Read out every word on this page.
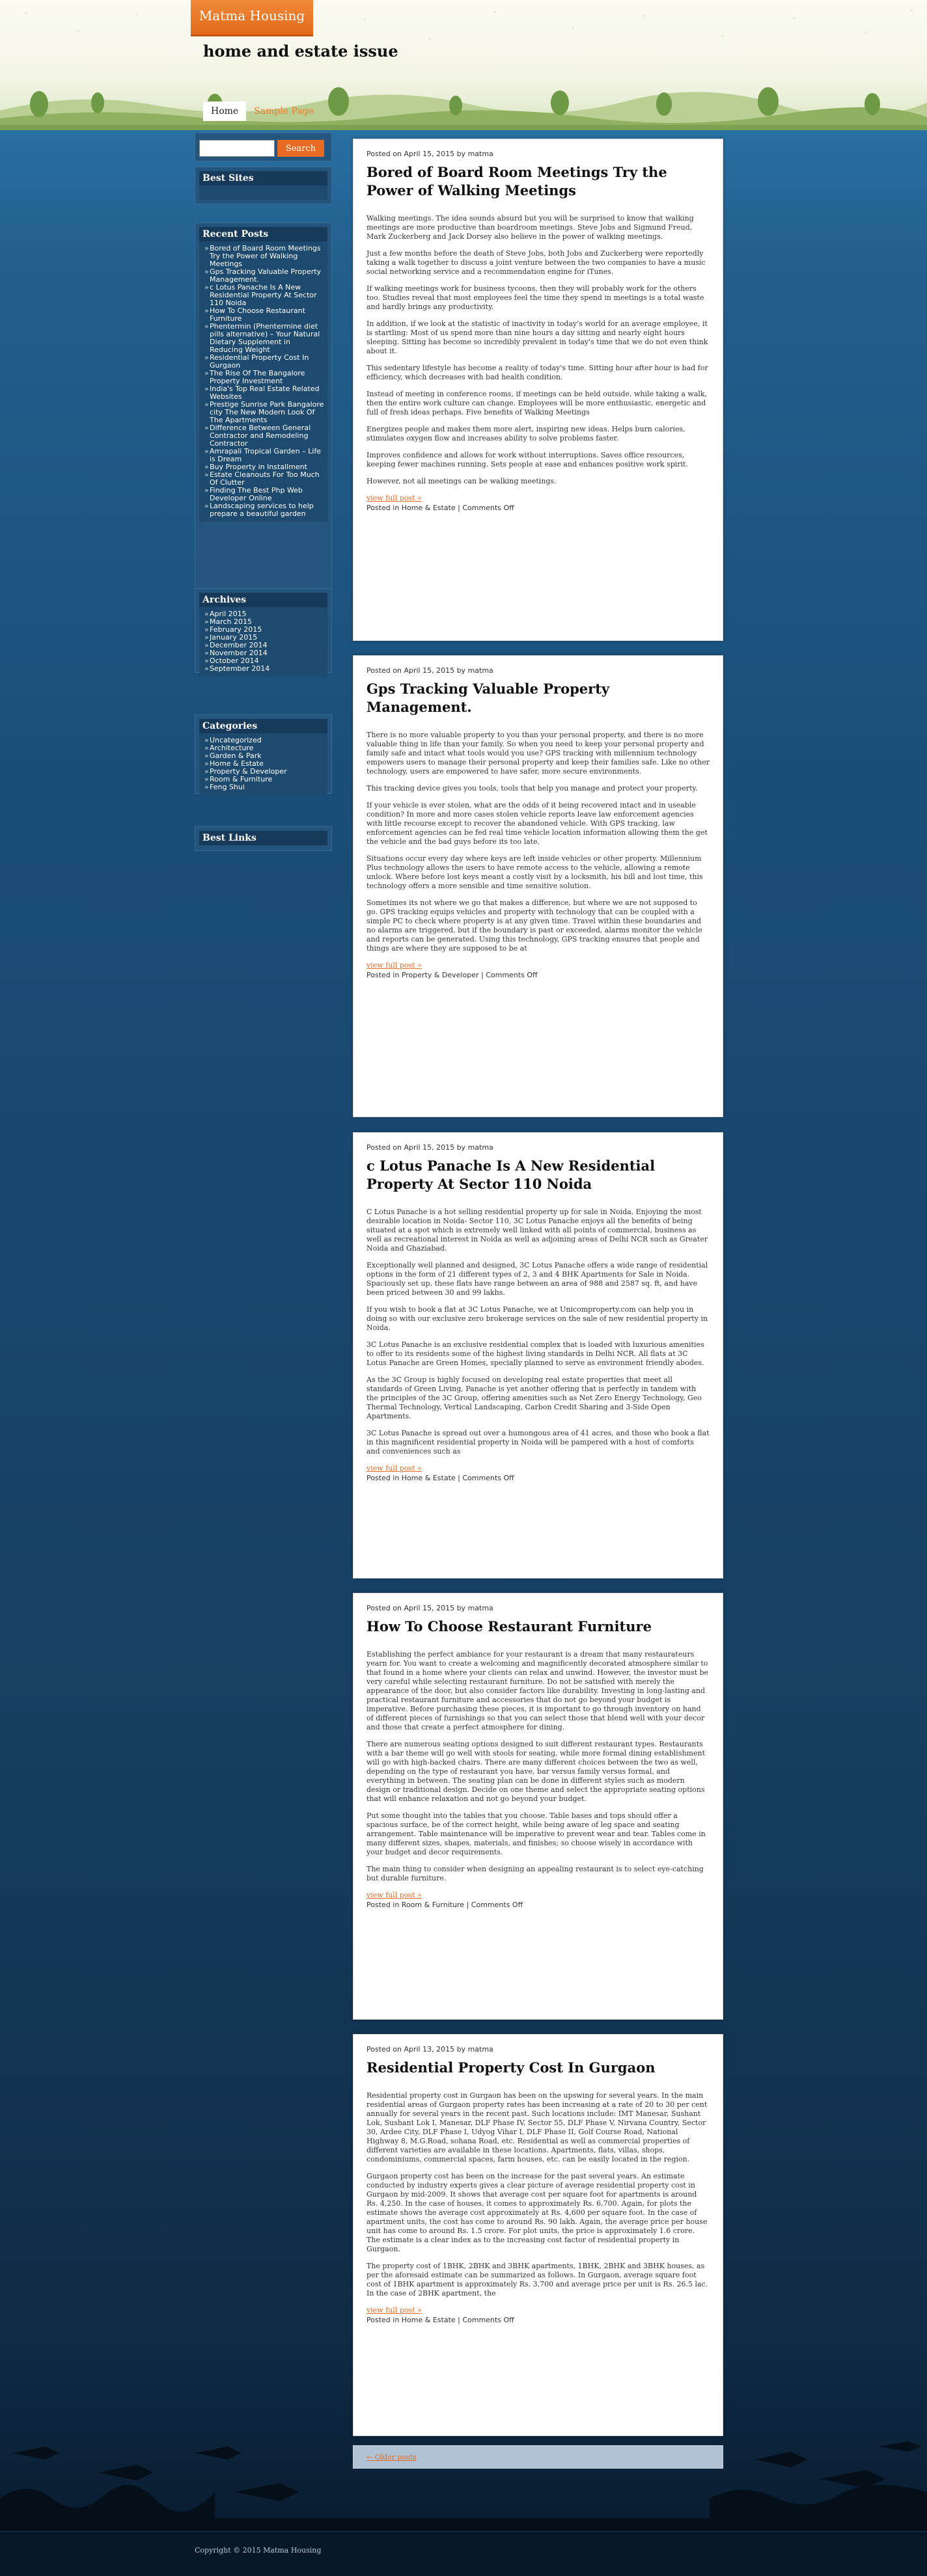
Matma Housing
home and estate issue
Home	Sample Page
Search
Best Sites
Recent Posts
» Bored of Board Room Meetings Try the Power of Walking Meetings
» Gps Tracking Valuable Property Management.
» c Lotus Panache Is A New Residential Property At Sector 110 Noida
» How To Choose Restaurant Furniture
» Phentermin (Phentermine diet pills alternative) – Your Natural Dietary Supplement in Reducing Weight
» Residential Property Cost In Gurgaon
» The Rise Of The Bangalore Property Investment
» India's Top Real Estate Related Websites
» Prestige Sunrise Park Bangalore city The New Modern Look Of The Apartments
» Difference Between General Contractor and Remodeling Contractor
» Amrapali Tropical Garden – Life is Dream
» Buy Property in Installment
» Estate Cleanouts For Too Much Of Clutter
» Finding The Best Php Web Developer Online
» Landscaping services to help prepare a beautiful garden
Archives
» April 2015
» March 2015
» February 2015
» January 2015
» December 2014
» November 2014
» October 2014
» September 2014
Categories
» Uncategorized
» Architecture
» Garden & Park
» Home & Estate
» Property & Developer
» Room & Furniture
» Feng Shui
Best Links
Posted on April 15, 2015 by matma
Bored of Board Room Meetings Try the Power of Walking Meetings

Walking meetings. The idea sounds absurd but you will be surprised to know that walking meetings are more productive than boardroom meetings. Steve Jobs and Sigmund Freud, Mark Zuckerberg and Jack Dorsey also believe in the power of walking meetings.

Just a few months before the death of Steve Jobs, both Jobs and Zuckerberg were reportedly taking a walk together to discuss a joint venture between the two companies to have a music social networking service and a recommendation engine for iTunes.

If walking meetings work for business tycoons, then they will probably work for the others too. Studies reveal that most employees feel the time they spend in meetings is a total waste and hardly brings any productivity.

In addition, if we look at the statistic of inactivity in today's world for an average employee, it is startling: Most of us spend more than nine hours a day sitting and nearly eight hours sleeping. Sitting has become so incredibly prevalent in today's time that we do not even think about it.

This sedentary lifestyle has become a reality of today's time. Sitting hour after hour is bad for efficiency, which decreases with bad health condition.

Instead of meeting in conference rooms, if meetings can be held outside, while taking a walk, then the entire work culture can change. Employees will be more enthusiastic, energetic and full of fresh ideas perhaps. Five benefits of Walking Meetings

Energizes people and makes them more alert, inspiring new ideas. Helps burn calories, stimulates oxygen flow and increases ability to solve problems faster.

Improves confidence and allows for work without interruptions. Saves office resources, keeping fewer machines running. Sets people at ease and enhances positive work spirit.

However, not all meetings can be walking meetings.

view full post »
Posted in Home & Estate | Comments Off
Posted on April 15, 2015 by matma
Gps Tracking Valuable Property Management.

There is no more valuable property to you than your personal property, and there is no more valuable thing in life than your family. So when you need to keep your personal property and family safe and intact what tools would you use? GPS tracking with millennium technology empowers users to manage their personal property and keep their families safe. Like no other technology, users are empowered to have safer, more secure environments.

This tracking device gives you tools, tools that help you manage and protect your property.

If your vehicle is ever stolen, what are the odds of it being recovered intact and in useable condition? In more and more cases stolen vehicle reports leave law enforcement agencies with little recourse except to recover the abandoned vehicle. With GPS tracking, law enforcement agencies can be fed real time vehicle location information allowing them the get the vehicle and the bad guys before its too late.

Situations occur every day where keys are left inside vehicles or other property. Millennium Plus technology allows the users to have remote access to the vehicle, allowing a remote unlock. Where before lost keys meant a costly visit by a locksmith, his bill and lost time, this technology offers a more sensible and time sensitive solution.

Sometimes its not where we go that makes a difference, but where we are not supposed to go. GPS tracking equips vehicles and property with technology that can be coupled with a simple PC to check where property is at any given time. Travel within these boundaries and no alarms are triggered, but if the boundary is past or exceeded, alarms monitor the vehicle and reports can be generated. Using this technology, GPS tracking ensures that people and things are where they are supposed to be at

view full post »
Posted in Property & Developer | Comments Off
Posted on April 15, 2015 by matma
c Lotus Panache Is A New Residential Property At Sector 110 Noida

C Lotus Panache is a hot selling residential property up for sale in Noida. Enjoying the most desirable location in Noida- Sector 110, 3C Lotus Panache enjoys all the benefits of being situated at a spot which is extremely well linked with all points of commercial, business as well as recreational interest in Noida as well as adjoining areas of Delhi NCR such as Greater Noida and Ghaziabad.

Exceptionally well planned and designed, 3C Lotus Panache offers a wide range of residential options in the form of 21 different types of 2, 3 and 4 BHK Apartments for Sale in Noida. Spaciously set up, these flats have range between an area of 988 and 2587 sq. ft, and have been priced between 30 and 99 lakhs.

If you wish to book a flat at 3C Lotus Panache, we at Unicomproperty.com can help you in doing so with our exclusive zero brokerage services on the sale of new residential property in Noida.

3C Lotus Panache is an exclusive residential complex that is loaded with luxurious amenities to offer to its residents some of the highest living standards in Delhi NCR. All flats at 3C Lotus Panache are Green Homes, specially planned to serve as environment friendly abodes.

As the 3C Group is highly focused on developing real estate properties that meet all standards of Green Living, Panache is yet another offering that is perfectly in tandem with the principles of the 3C Group, offering amenities such as Net Zero Energy Technology, Geo Thermal Technology, Vertical Landscaping, Carbon Credit Sharing and 3-Side Open Apartments.

3C Lotus Panache is spread out over a humongous area of 41 acres, and those who book a flat in this magnificent residential property in Noida will be pampered with a host of comforts and conveniences such as

view full post »
Posted in Home & Estate | Comments Off
Posted on April 15, 2015 by matma
How To Choose Restaurant Furniture

Establishing the perfect ambiance for your restaurant is a dream that many restaurateurs yearn for. You want to create a welcoming and magnificently decorated atmosphere similar to that found in a home where your clients can relax and unwind. However, the investor must be very careful while selecting restaurant furniture. Do not be satisfied with merely the appearance of the door, but also consider factors like durability. Investing in long-lasting and practical restaurant furniture and accessories that do not go beyond your budget is imperative. Before purchasing these pieces, it is important to go through inventory on hand of different pieces of furnishings so that you can select those that blend well with your decor and those that create a perfect atmosphere for dining.

There are numerous seating options designed to suit different restaurant types. Restaurants with a bar theme will go well with stools for seating, while more formal dining establishment will go with high-backed chairs. There are many different choices between the two as well, depending on the type of restaurant you have, bar versus family versus formal, and everything in between. The seating plan can be done in different styles such as modern design or traditional design. Decide on one theme and select the appropriate seating options that will enhance relaxation and not go beyond your budget.

Put some thought into the tables that you choose. Table bases and tops should offer a spacious surface, be of the correct height, while being aware of leg space and seating arrangement. Table maintenance will be imperative to prevent wear and tear. Tables come in many different sizes, shapes, materials, and finishes; so choose wisely in accordance with your budget and decor requirements.

The main thing to consider when designing an appealing restaurant is to select eye-catching but durable furniture.

view full post »
Posted in Room & Furniture | Comments Off
Posted on April 13, 2015 by matma
Residential Property Cost In Gurgaon

Residential property cost in Gurgaon has been on the upswing for several years. In the main residential areas of Gurgaon property rates has been increasing at a rate of 20 to 30 per cent annually for several years in the recent past. Such locations include: IMT Manesar, Sushant Lok, Sushant Lok I, Manesar, DLF Phase IV, Sector 55, DLF Phase V, Nirvana Country, Sector 30, Ardee City, DLF Phase I, Udyog Vihar I, DLF Phase II, Golf Course Road, National Highway 8, M.G.Road, sohana Road, etc. Residential as well as commercial properties of different varieties are available in these locations. Apartments, flats, villas, shops, condominiums, commercial spaces, farm houses, etc. can be easily located in the region.

Gurgaon property cost has been on the increase for the past several years. An estimate conducted by industry experts gives a clear picture of average residential property cost in Gurgaon by mid-2009. It shows that average cost per square foot for apartments is around Rs. 4,250. In the case of houses, it comes to approximately Rs. 6,700. Again, for plots the estimate shows the average cost approximately at Rs. 4,600 per square foot. In the case of apartment units, the cost has come to around Rs. 90 lakh. Again, the average price per house unit has come to around Rs. 1.5 crore. For plot units, the price is approximately 1.6 crore. The estimate is a clear index as to the increasing cost factor of residential property in Gurgaon.

The property cost of 1BHK, 2BHK and 3BHK apartments, 1BHK, 2BHK and 3BHK houses, as per the aforesaid estimate can be summarized as follows. In Gurgaon, average square foot cost of 1BHK apartment is approximately Rs. 3,700 and average price per unit is Rs. 26.5 lac. In the case of 2BHK apartment, the

view full post »
Posted in Home & Estate | Comments Off
← Older posts
Copyright © 2015 Matma Housing
